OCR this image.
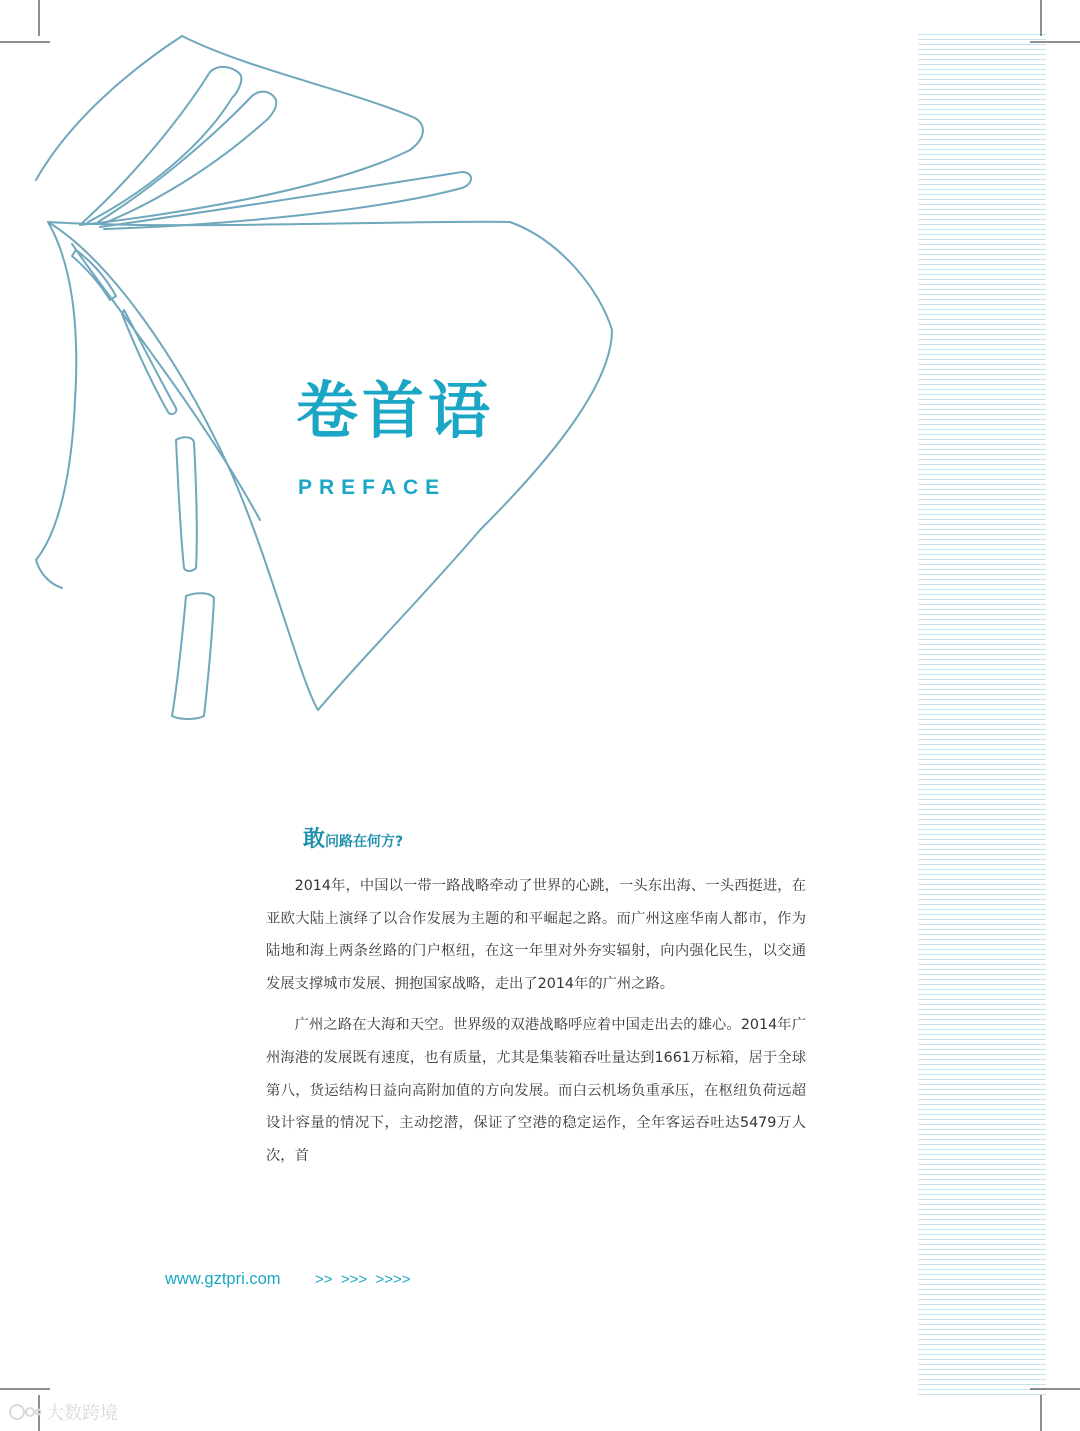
卷首语
PREFACE
敢问路在何方?

2014年，中国以一带一路战略牵动了世界的心跳，一头东出海、一头西挺进，在亚欧大陆上演绎了以合作发展为主题的和平崛起之路。而广州这座华南人都市，作为陆地和海上两条丝路的门户枢纽，在这一年里对外夯实辐射，向内强化民生，以交通发展支撑城市发展、拥抱国家战略，走出了2014年的广州之路。

广州之路在大海和天空。世界级的双港战略呼应着中国走出去的雄心。2014年广州海港的发展既有速度，也有质量，尤其是集装箱吞吐量达到1661万标箱，居于全球第八，货运结构日益向高附加值的方向发展。而白云机场负重承压，在枢纽负荷远超设计容量的情况下，主动挖潜，保证了空港的稳定运作，全年客运吞吐达5479万人次，首

www.gztpri.com >>  >>>  >>>>
大数跨境
